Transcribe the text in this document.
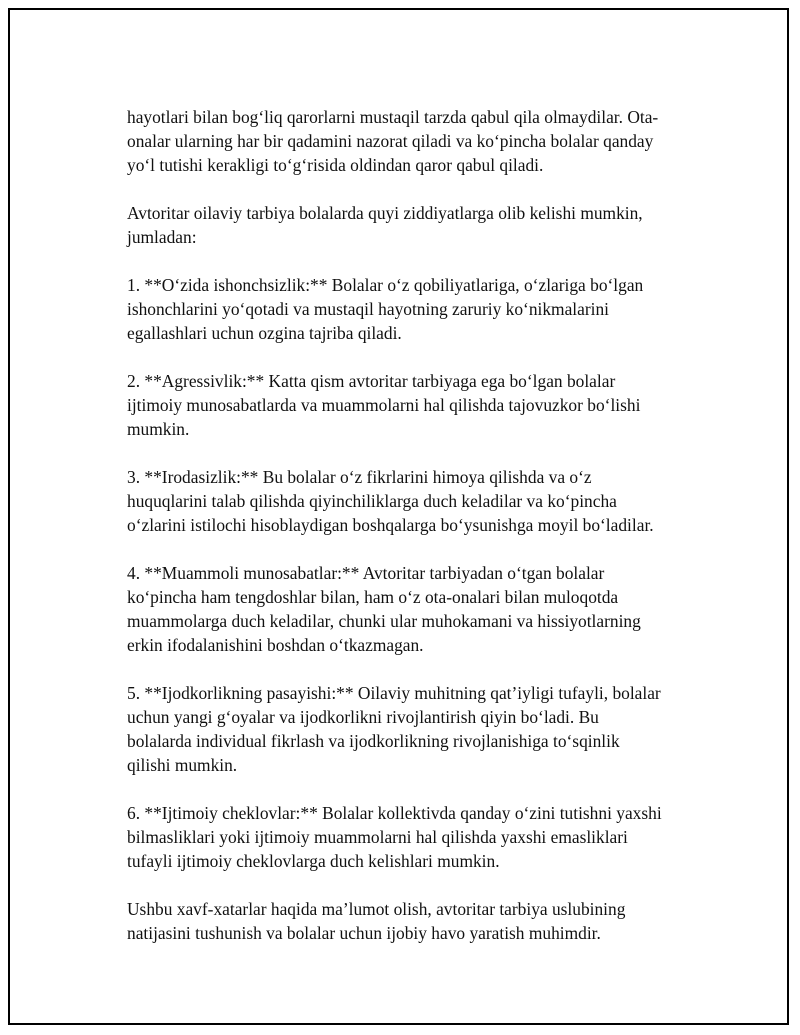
hayotlari bilan bogʻliq qarorlarni mustaqil tarzda qabul qila olmaydilar. Ota-
onalar ularning har bir qadamini nazorat qiladi va koʻpincha bolalar qanday
yoʻl tutishi kerakligi toʻgʻrisida oldindan qaror qabul qiladi.

Avtoritar oilaviy tarbiya bolalarda quyi ziddiyatlarga olib kelishi mumkin,
jumladan:

1. **Oʻzida ishonchsizlik:** Bolalar oʻz qobiliyatlariga, oʻzlariga boʻlgan
ishonchlarini yoʻqotadi va mustaqil hayotning zaruriy koʻnikmalarini
egallashlari uchun ozgina tajriba qiladi.

2. **Agressivlik:** Katta qism avtoritar tarbiyaga ega boʻlgan bolalar
ijtimoiy munosabatlarda va muammolarni hal qilishda tajovuzkor boʻlishi
mumkin.

3. **Irodasizlik:** Bu bolalar oʻz fikrlarini himoya qilishda va oʻz
huquqlarini talab qilishda qiyinchiliklarga duch keladilar va koʻpincha
oʻzlarini istilochi hisoblaydigan boshqalarga boʻysunishga moyil boʻladilar.

4. **Muammoli munosabatlar:** Avtoritar tarbiyadan oʻtgan bolalar
koʻpincha ham tengdoshlar bilan, ham oʻz ota-onalari bilan muloqotda
muammolarga duch keladilar, chunki ular muhokamani va hissiyotlarning
erkin ifodalanishini boshdan oʻtkazmagan.

5. **Ijodkorlikning pasayishi:** Oilaviy muhitning qatʼiyligi tufayli, bolalar
uchun yangi gʻoyalar va ijodkorlikni rivojlantirish qiyin boʻladi. Bu
bolalarda individual fikrlash va ijodkorlikning rivojlanishiga toʻsqinlik
qilishi mumkin.

6. **Ijtimoiy cheklovlar:** Bolalar kollektivda qanday oʻzini tutishni yaxshi
bilmasliklari yoki ijtimoiy muammolarni hal qilishda yaxshi emasliklari
tufayli ijtimoiy cheklovlarga duch kelishlari mumkin.

Ushbu xavf-xatarlar haqida maʼlumot olish, avtoritar tarbiya uslubining
natijasini tushunish va bolalar uchun ijobiy havo yaratish muhimdir.
